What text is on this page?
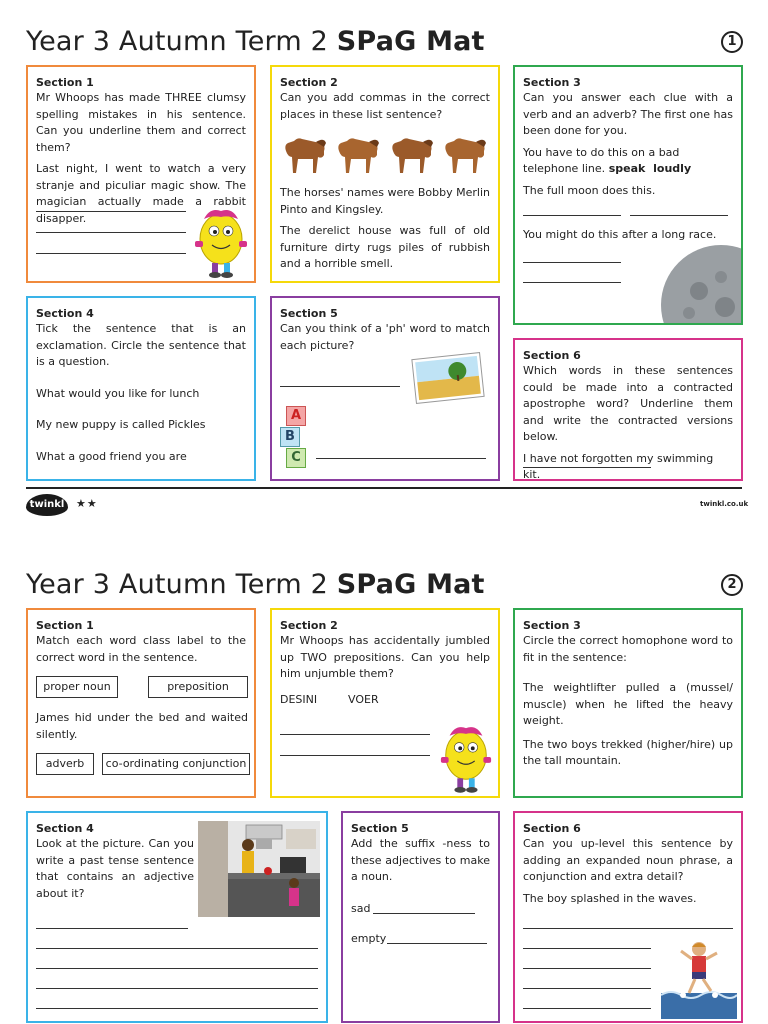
Year 3 Autumn Term 2 SPaG Mat	1
Section 1
Mr Whoops has made THREE clumsy spelling mistakes in his sentence. Can you underline them and correct them?
Last night, I went to watch a very stranje and piculiar magic show. The magician actually made a rabbit disapper.
Section 2
Can you add commas in the correct places in these list sentence?
The horses' names were Bobby Merlin Pinto and Kingsley.
The derelict house was full of old furniture dirty rugs piles of rubbish and a horrible smell.
Section 3
Can you answer each clue with a verb and an adverb? The first one has been done for you.
You have to do this on a bad telephone line. speak loudly
The full moon does this.
You might do this after a long race.
Section 4
Tick the sentence that is an exclamation. Circle the sentence that is a question.
What would you like for lunch
My new puppy is called Pickles
What a good friend you are
Section 5
Can you think of a 'ph' word to match each picture?
A
B
C
Section 6
Which words in these sentences could be made into a contracted apostrophe word? Underline them and write the contracted versions below.
I have not forgotten my swimming kit.
twinkl	★★	twinkl.co.uk
Year 3 Autumn Term 2 SPaG Mat	2
Section 1
Match each word class label to the correct word in the sentence.
proper noun	preposition
James hid under the bed and waited silently.
adverb	co-ordinating conjunction
Section 2
Mr Whoops has accidentally jumbled up TWO prepositions. Can you help him unjumble them?
DESINI	VOER
Section 3
Circle the correct homophone word to fit in the sentence:
The weightlifter pulled a (mussel/ muscle) when he lifted the heavy weight.
The two boys trekked (higher/hire) up the tall mountain.
Section 4
Look at the picture. Can you write a past tense sentence that contains an adjective about it?
Section 5
Add the suffix -ness to these adjectives to make a noun.
sad
empty
Section 6
Can you up-level this sentence by adding an expanded noun phrase, a conjunction and extra detail?
The boy splashed in the waves.
